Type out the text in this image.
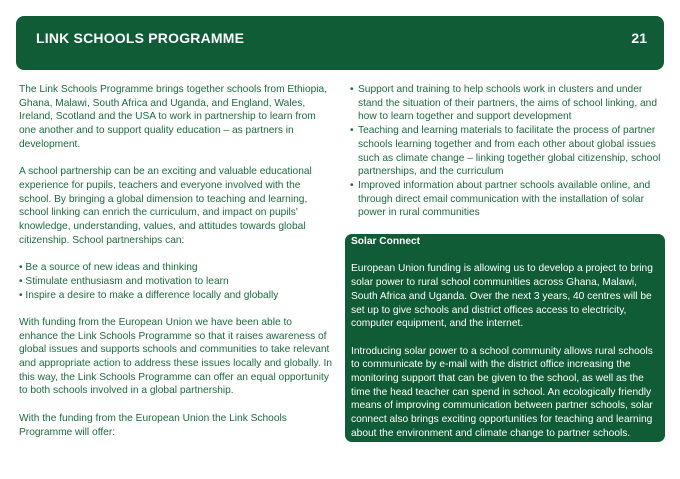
LINK SCHOOLS PROGRAMME	21

The Link Schools Programme brings together schools from Ethiopia, Ghana, Malawi, South Africa and Uganda, and England, Wales, Ireland, Scotland and the USA to work in partnership to learn from one another and to support quality education – as partners in development.

A school partnership can be an exciting and valuable educational experience for pupils, teachers and everyone involved with the school. By bringing a global dimension to teaching and learning, school linking can enrich the curriculum, and impact on pupils' knowledge, understanding, values, and attitudes towards global citizenship. School partnerships can:

• Be a source of new ideas and thinking
• Stimulate enthusiasm and motivation to learn
• Inspire a desire to make a difference locally and globally

With funding from the European Union we have been able to enhance the Link Schools Programme so that it raises awareness of global issues and supports schools and communities to take relevant and appropriate action to address these issues locally and globally. In this way, the Link Schools Programme can offer an equal opportunity to both schools involved in a global partnership.

With the funding from the European Union the Link Schools Programme will offer:

• Support and training to help schools work in clusters and under stand the situation of their partners, the aims of school linking, and how to learn together and support development
• Teaching and learning materials to facilitate the process of partner schools learning together and from each other about global issues such as climate change – linking together global citizenship, school partnerships, and the curriculum
• Improved information about partner schools available online, and through direct email communication with the installation of solar power in rural communities
Solar Connect

European Union funding is allowing us to develop a project to bring solar power to rural school communities across Ghana, Malawi, South Africa and Uganda. Over the next 3 years, 40 centres will be set up to give schools and district offices access to electricity, computer equipment, and the internet.

Introducing solar power to a school community allows rural schools to communicate by e-mail with the district office increasing the monitoring support that can be given to the school, as well as the time the head teacher can spend in school. An ecologically friendly means of improving communication between partner schools, solar connect also brings exciting opportunities for teaching and learning about the environment and climate change to partner schools.
